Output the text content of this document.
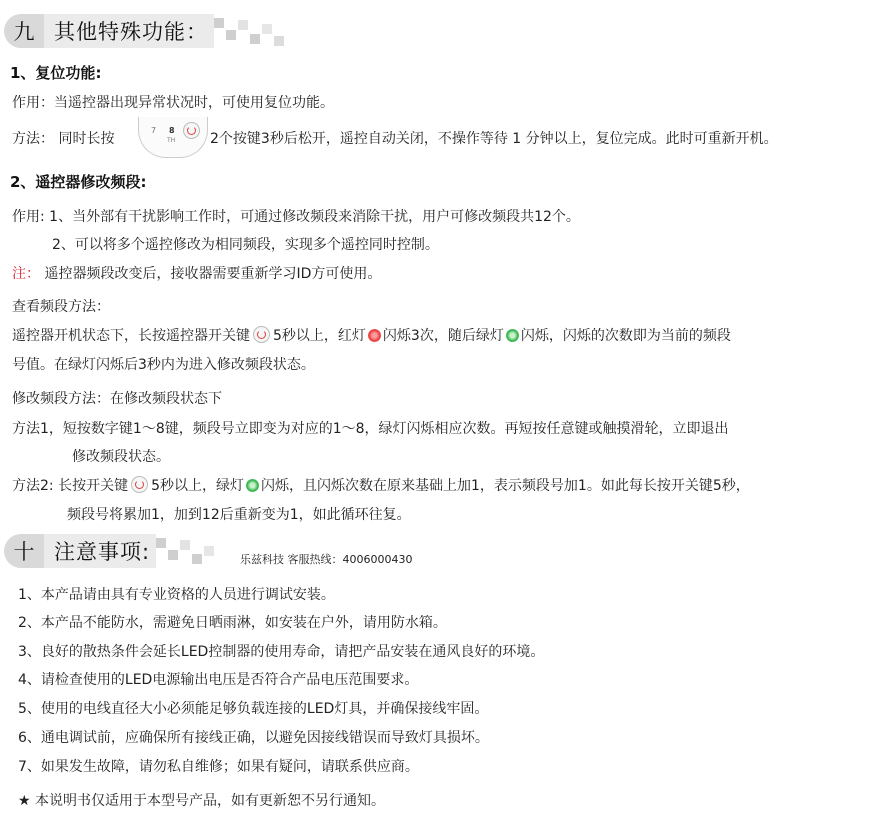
九 其他特殊功能：
1、复位功能:
作用：当遥控器出现异常状况时，可使用复位功能。
方法： 同时长按
7 8
TH 2个按键3秒后松开，遥控自动关闭，不操作等待 1 分钟以上，复位完成。此时可重新开机。
2、遥控器修改频段:
作用: 1、当外部有干扰影响工作时，可通过修改频段来消除干扰，用户可修改频段共12个。
2、可以将多个遥控修改为相同频段，实现多个遥控同时控制。
注： 遥控器频段改变后，接收器需要重新学习ID方可使用。
查看频段方法：
遥控器开机状态下，长按遥控器开关键 5秒以上，红灯 闪烁3次，随后绿灯 闪烁，闪烁的次数即为当前的频段
号值。在绿灯闪烁后3秒内为进入修改频段状态。
修改频段方法：在修改频段状态下
方法1，短按数字键1～8键，频段号立即变为对应的1～8，绿灯闪烁相应次数。再短按任意键或触摸滑轮，立即退出
修改频段状态。
方法2: 长按开关键 5秒以上，绿灯 闪烁，且闪烁次数在原来基础上加1，表示频段号加1。如此每长按开关键5秒，
频段号将累加1，加到12后重新变为1，如此循环往复。
十 注意事项:	乐兹科技 客服热线：4006000430
1、本产品请由具有专业资格的人员进行调试安装。
2、本产品不能防水，需避免日晒雨淋，如安装在户外，请用防水箱。
3、良好的散热条件会延长LED控制器的使用寿命，请把产品安装在通风良好的环境。
4、请检查使用的LED电源输出电压是否符合产品电压范围要求。
5、使用的电线直径大小必须能足够负载连接的LED灯具，并确保接线牢固。
6、通电调试前，应确保所有接线正确，以避免因接线错误而导致灯具损坏。
7、如果发生故障，请勿私自维修；如果有疑问，请联系供应商。
★ 本说明书仅适用于本型号产品，如有更新恕不另行通知。
